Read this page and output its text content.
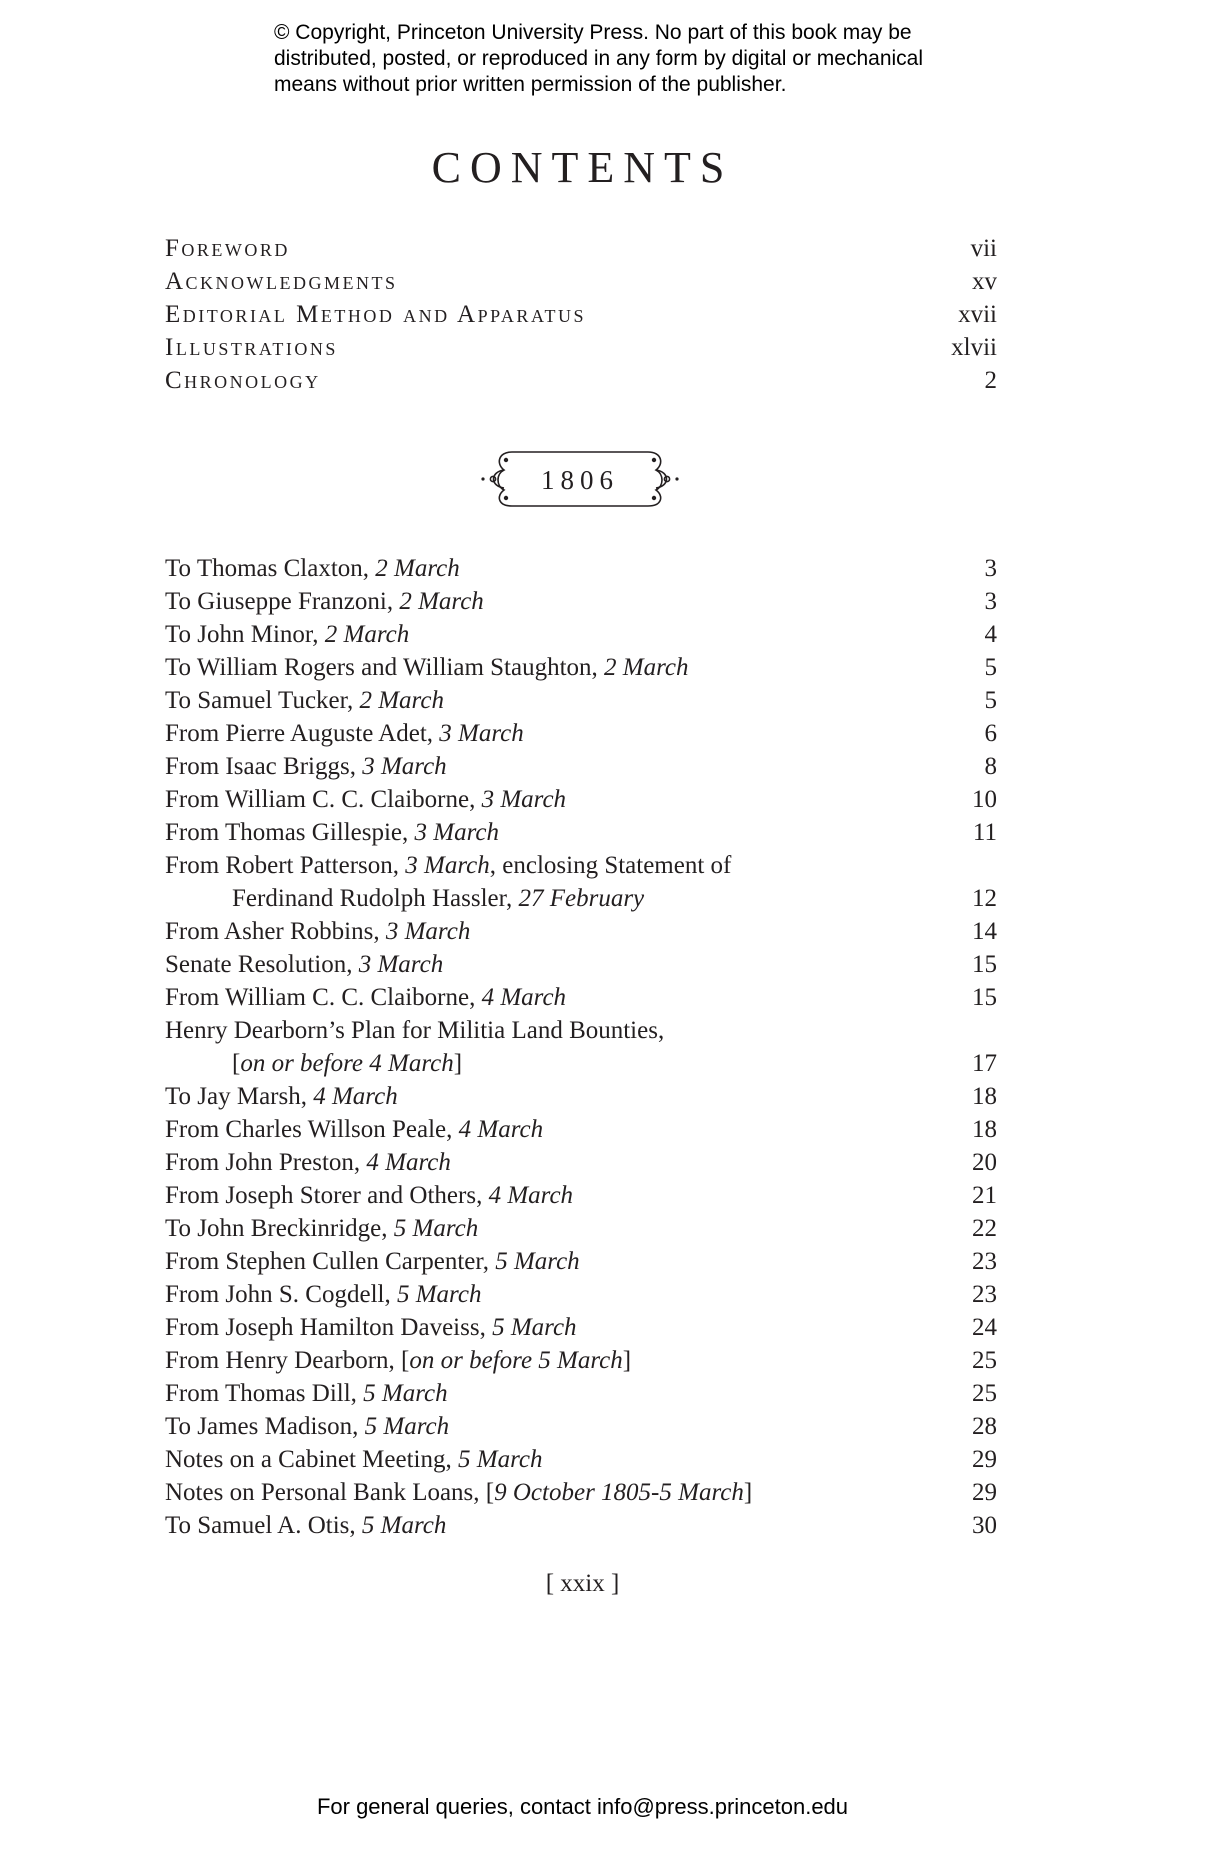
© Copyright, Princeton University Press. No part of this book may be
distributed, posted, or reproduced in any form by digital or mechanical
means without prior written permission of the publisher.
CONTENTS
Foreword	vii
Acknowledgments	xv
Editorial Method and Apparatus	xvii
Illustrations	xlvii
Chronology	2
1806
To Thomas Claxton, 2 March	3
To Giuseppe Franzoni, 2 March	3
To John Minor, 2 March	4
To William Rogers and William Staughton, 2 March	5
To Samuel Tucker, 2 March	5
From Pierre Auguste Adet, 3 March	6
From Isaac Briggs, 3 March	8
From William C. C. Claiborne, 3 March	10
From Thomas Gillespie, 3 March	11
From Robert Patterson, 3 March, enclosing Statement of
Ferdinand Rudolph Hassler, 27 February	12
From Asher Robbins, 3 March	14
Senate Resolution, 3 March	15
From William C. C. Claiborne, 4 March	15
Henry Dearborn’s Plan for Militia Land Bounties,
[on or before 4 March]	17
To Jay Marsh, 4 March	18
From Charles Willson Peale, 4 March	18
From John Preston, 4 March	20
From Joseph Storer and Others, 4 March	21
To John Breckinridge, 5 March	22
From Stephen Cullen Carpenter, 5 March	23
From John S. Cogdell, 5 March	23
From Joseph Hamilton Daveiss, 5 March	24
From Henry Dearborn, [on or before 5 March]	25
From Thomas Dill, 5 March	25
To James Madison, 5 March	28
Notes on a Cabinet Meeting, 5 March	29
Notes on Personal Bank Loans, [9 October 1805-5 March]	29
To Samuel A. Otis, 5 March	30
[ xxix ]
For general queries, contact info@press.princeton.edu
